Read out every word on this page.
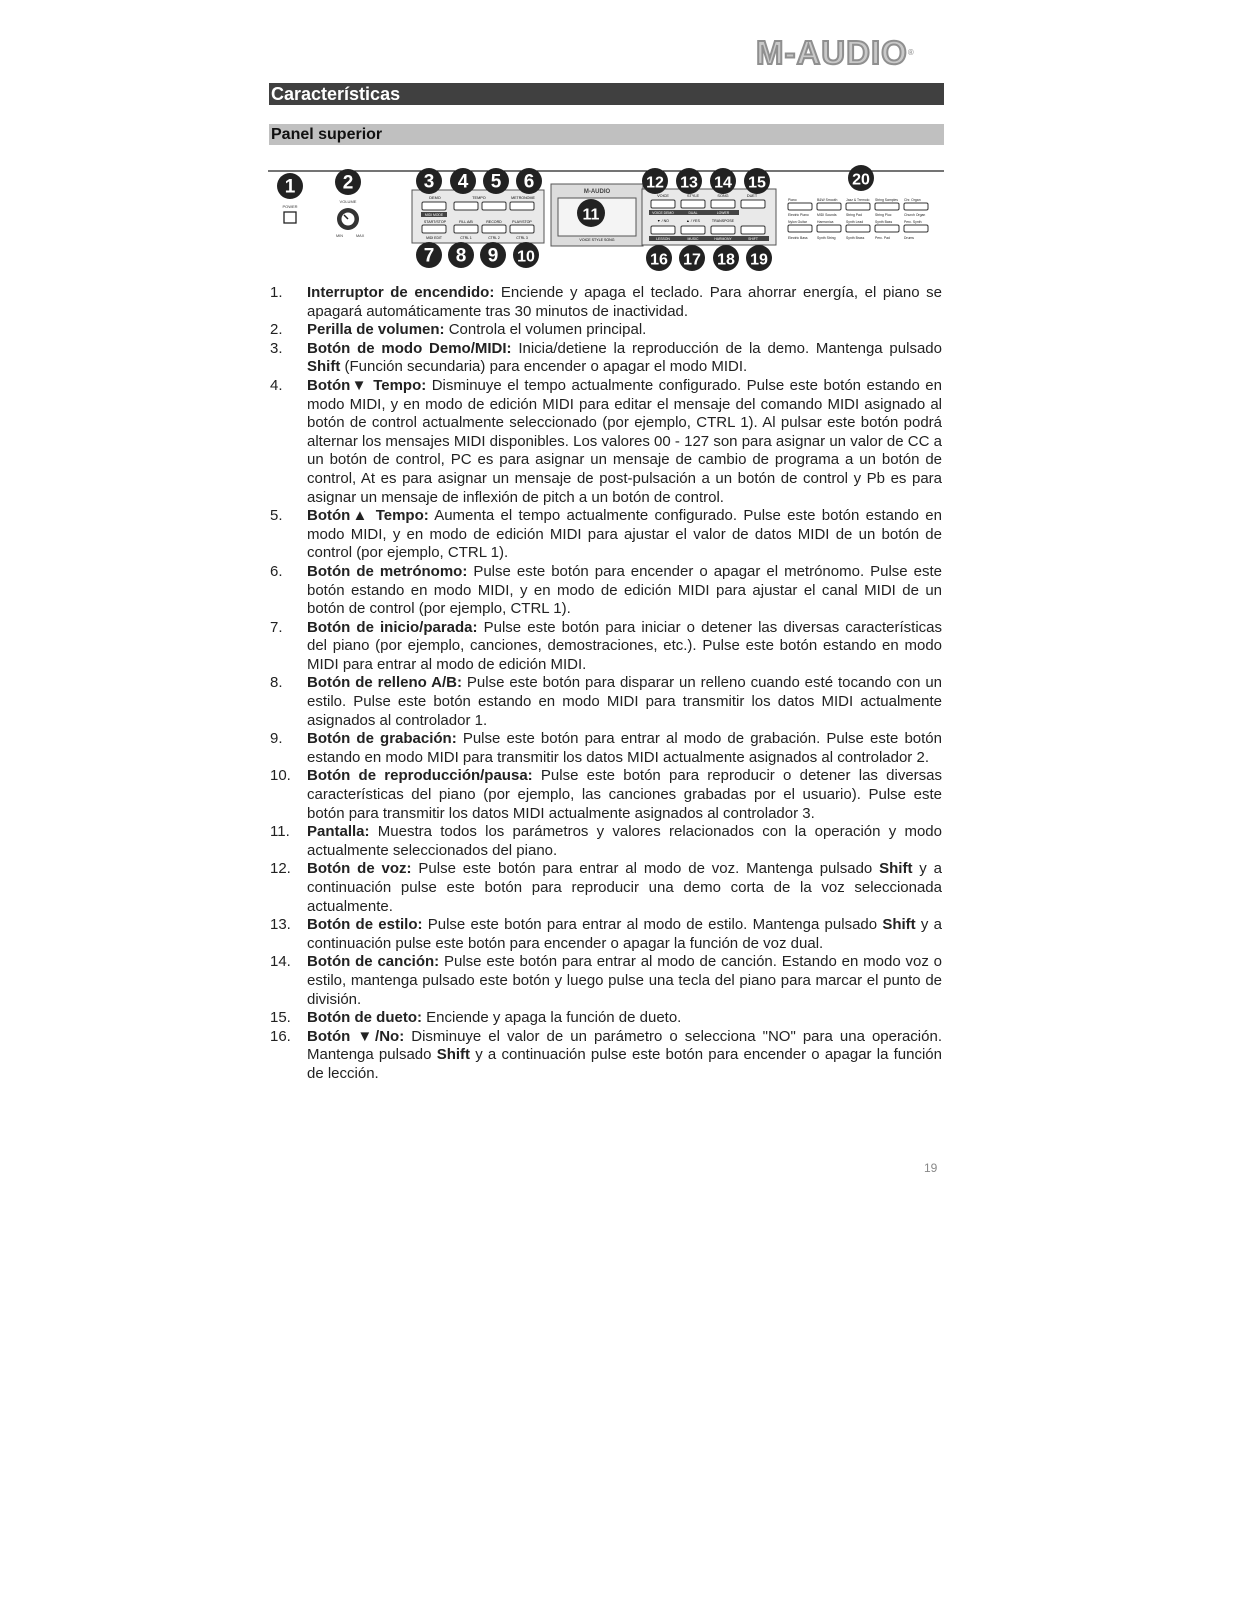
M-AUDIO®
Características
Panel superior
POWER
VOLUME
MIN	MAX
DEMO	TEMPO	METRONOME
MIDI MODE
START/STOP	FILL A/B	RECORD	PLAY/STOP
MIDI EDIT	CTRL 1	CTRL 2	CTRL 3
M-AUDIO
VOICE STYLE SONG
VOICE	STYLE	SONG	DUET
VOICE DEMO	DUAL	LOWER
▼ / NO	▲ / YES	TRANSPOSE
LESSON	MUSIC	HARMONY	SHIFT
Piano
Electric Piano
B&W Smooth
MIDI Sounds
Jazz & Tremolo
String Pad
String Samples
String Pluc
Chr. Organ
Church Organ
Nylon Guitar
Electric Bass
Harmonica
Synth String
Synth Lead
Synth Brass
Synth Bass
Perc. Pad
Perc. Synth
Drums
1 2	3 4 5 6
7 8 9 10
11
12 13 14 15
16 17 18 19
20
1. Interruptor de encendido: Enciende y apaga el teclado. Para ahorrar energía, el piano se apagará automáticamente tras 30 minutos de inactividad.
2. Perilla de volumen: Controla el volumen principal.
3. Botón de modo Demo/MIDI: Inicia/detiene la reproducción de la demo. Mantenga pulsado Shift (Función secundaria) para encender o apagar el modo MIDI.
4. Botón▼ Tempo: Disminuye el tempo actualmente configurado. Pulse este botón estando en modo MIDI, y en modo de edición MIDI para editar el mensaje del comando MIDI asignado al botón de control actualmente seleccionado (por ejemplo, CTRL 1). Al pulsar este botón podrá alternar los mensajes MIDI disponibles. Los valores 00 - 127 son para asignar un valor de CC a un botón de control, PC es para asignar un mensaje de cambio de programa a un botón de control, At es para asignar un mensaje de post-pulsación a un botón de control y Pb es para asignar un mensaje de inflexión de pitch a un botón de control.
5. Botón▲ Tempo: Aumenta el tempo actualmente configurado. Pulse este botón estando en modo MIDI, y en modo de edición MIDI para ajustar el valor de datos MIDI de un botón de control (por ejemplo, CTRL 1).
6. Botón de metrónomo: Pulse este botón para encender o apagar el metrónomo. Pulse este botón estando en modo MIDI, y en modo de edición MIDI para ajustar el canal MIDI de un botón de control (por ejemplo, CTRL 1).
7. Botón de inicio/parada: Pulse este botón para iniciar o detener las diversas características del piano (por ejemplo, canciones, demostraciones, etc.). Pulse este botón estando en modo MIDI para entrar al modo de edición MIDI.
8. Botón de relleno A/B: Pulse este botón para disparar un relleno cuando esté tocando con un estilo. Pulse este botón estando en modo MIDI para transmitir los datos MIDI actualmente asignados al controlador 1.
9. Botón de grabación: Pulse este botón para entrar al modo de grabación. Pulse este botón estando en modo MIDI para transmitir los datos MIDI actualmente asignados al controlador 2.
10. Botón de reproducción/pausa: Pulse este botón para reproducir o detener las diversas características del piano (por ejemplo, las canciones grabadas por el usuario). Pulse este botón para transmitir los datos MIDI actualmente asignados al controlador 3.
11. Pantalla: Muestra todos los parámetros y valores relacionados con la operación y modo actualmente seleccionados del piano.
12. Botón de voz: Pulse este botón para entrar al modo de voz. Mantenga pulsado Shift y a continuación pulse este botón para reproducir una demo corta de la voz seleccionada actualmente.
13. Botón de estilo: Pulse este botón para entrar al modo de estilo. Mantenga pulsado Shift y a continuación pulse este botón para encender o apagar la función de voz dual.
14. Botón de canción: Pulse este botón para entrar al modo de canción. Estando en modo voz o estilo, mantenga pulsado este botón y luego pulse una tecla del piano para marcar el punto de división.
15. Botón de dueto: Enciende y apaga la función de dueto.
16. Botón ▼/No: Disminuye el valor de un parámetro o selecciona "NO" para una operación. Mantenga pulsado Shift y a continuación pulse este botón para encender o apagar la función de lección.
19
